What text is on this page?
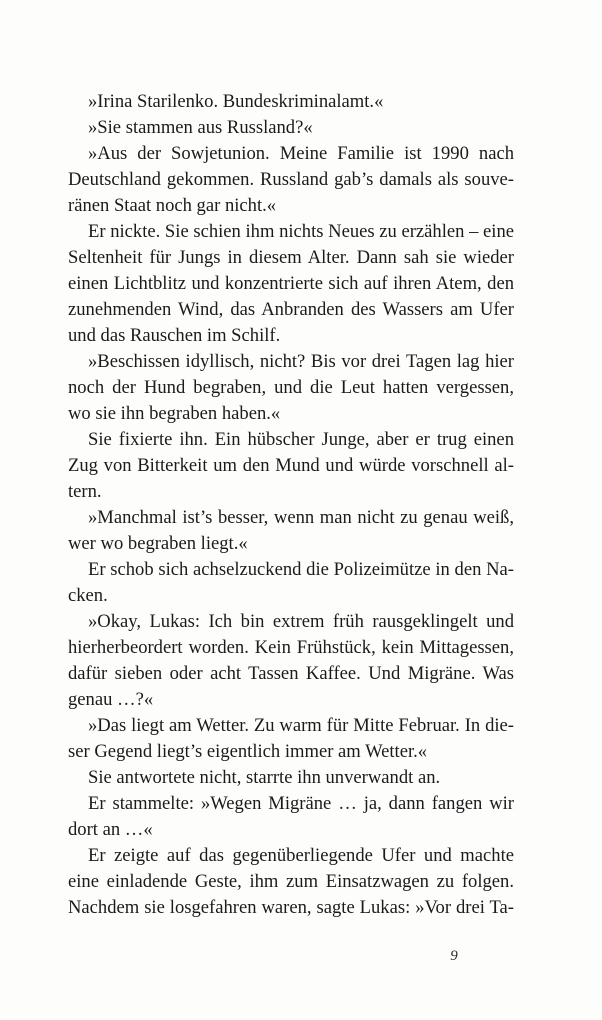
»Irina Starilenko. Bundeskriminalamt.«
»Sie stammen aus Russland?«
»Aus der Sowjetunion. Meine Familie ist 1990 nach
Deutschland gekommen. Russland gab’s damals als souve-
ränen Staat noch gar nicht.«
Er nickte. Sie schien ihm nichts Neues zu erzählen – eine
Seltenheit für Jungs in diesem Alter. Dann sah sie wieder
einen Lichtblitz und konzentrierte sich auf ihren Atem, den
zunehmenden Wind, das Anbranden des Wassers am Ufer
und das Rauschen im Schilf.
»Beschissen idyllisch, nicht? Bis vor drei Tagen lag hier
noch der Hund begraben, und die Leut hatten vergessen,
wo sie ihn begraben haben.«
Sie fixierte ihn. Ein hübscher Junge, aber er trug einen
Zug von Bitterkeit um den Mund und würde vorschnell al-
tern.
»Manchmal ist’s besser, wenn man nicht zu genau weiß,
wer wo begraben liegt.«
Er schob sich achselzuckend die Polizeimütze in den Na-
cken.
»Okay, Lukas: Ich bin extrem früh rausgeklingelt und
hierherbeordert worden. Kein Frühstück, kein Mittagessen,
dafür sieben oder acht Tassen Kaffee. Und Migräne. Was
genau …?«
»Das liegt am Wetter. Zu warm für Mitte Februar. In die-
ser Gegend liegt’s eigentlich immer am Wetter.«
Sie antwortete nicht, starrte ihn unverwandt an.
Er stammelte: »Wegen Migräne … ja, dann fangen wir
dort an …«
Er zeigte auf das gegenüberliegende Ufer und machte
eine einladende Geste, ihm zum Einsatzwagen zu folgen.
Nachdem sie losgefahren waren, sagte Lukas: »Vor drei Ta-
9
